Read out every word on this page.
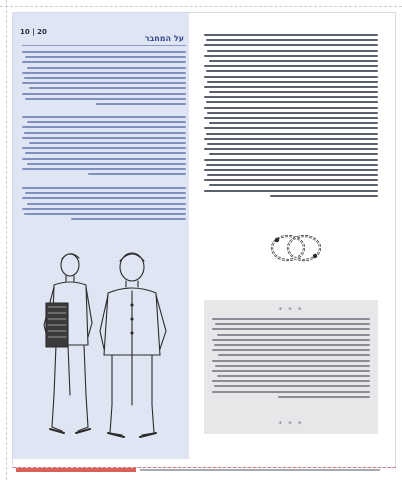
10 | 20
על המחבר
* * *
* * *
